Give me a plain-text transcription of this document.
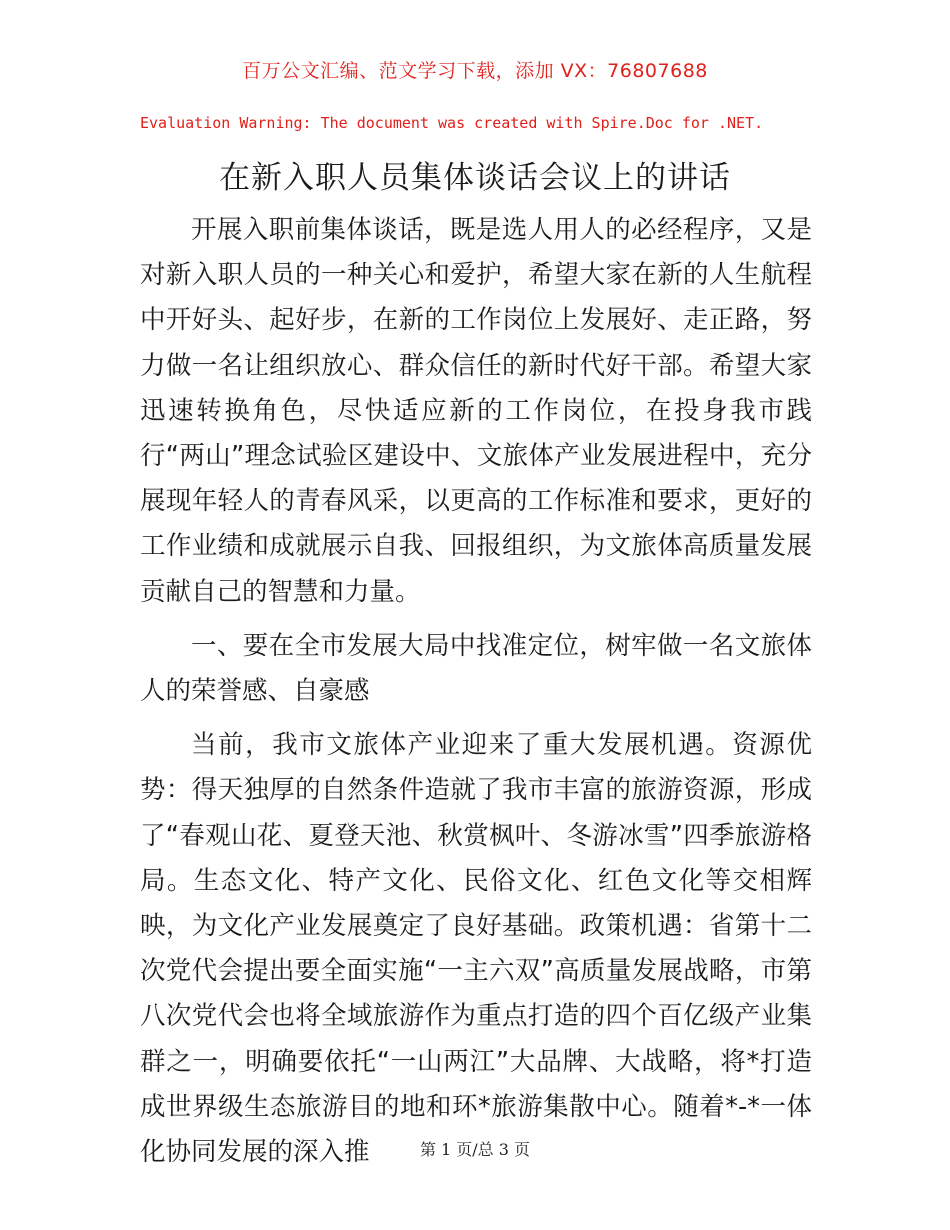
百万公文汇编、范文学习下载，添加 VX：76807688
Evaluation Warning: The document was created with Spire.Doc for .NET.
在新入职人员集体谈话会议上的讲话

开展入职前集体谈话，既是选人用人的必经程序，又是对新入职人员的一种关心和爱护，希望大家在新的人生航程中开好头、起好步，在新的工作岗位上发展好、走正路，努力做一名让组织放心、群众信任的新时代好干部。希望大家迅速转换角色，尽快适应新的工作岗位，在投身我市践行“两山”理念试验区建设中、文旅体产业发展进程中，充分展现年轻人的青春风采，以更高的工作标准和要求，更好的工作业绩和成就展示自我、回报组织，为文旅体高质量发展贡献自己的智慧和力量。

一、要在全市发展大局中找准定位，树牢做一名文旅体人的荣誉感、自豪感

当前，我市文旅体产业迎来了重大发展机遇。资源优势：得天独厚的自然条件造就了我市丰富的旅游资源，形成了“春观山花、夏登天池、秋赏枫叶、冬游冰雪”四季旅游格局。生态文化、特产文化、民俗文化、红色文化等交相辉映，为文化产业发展奠定了良好基础。政策机遇：省第十二次党代会提出要全面实施“一主六双”高质量发展战略，市第八次党代会也将全域旅游作为重点打造的四个百亿级产业集群之一，明确要依托“一山两江”大品牌、大战略，将*打造成世界级生态旅游目的地和环*旅游集散中心。随着*-*一体化协同发展的深入推	第 1 页/总 3 页
